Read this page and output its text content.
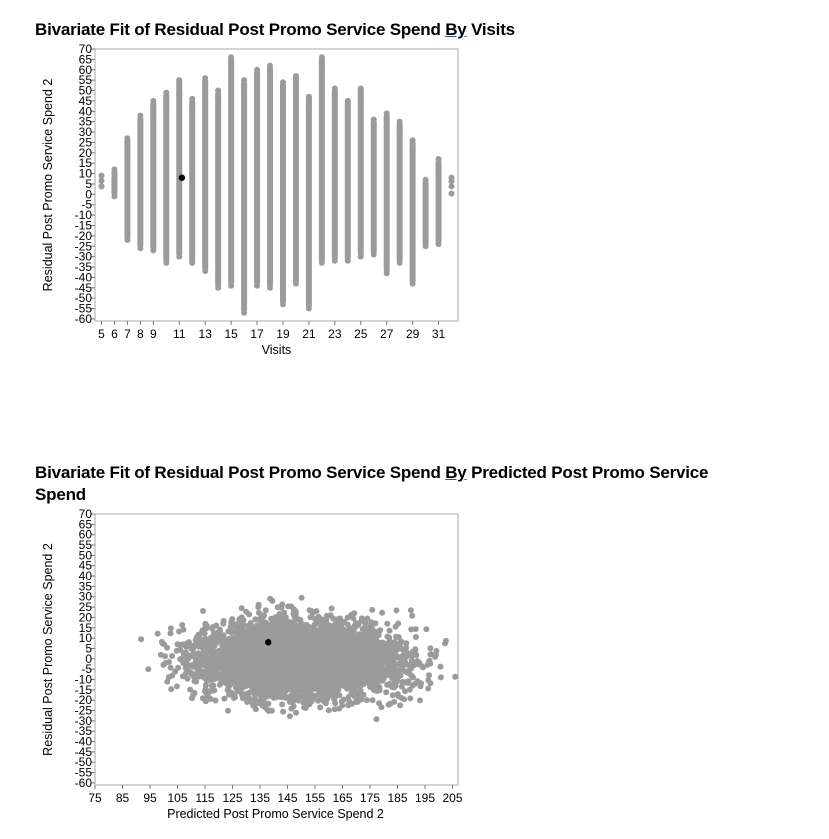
Bivariate Fit of Residual Post Promo Service Spend By Visits
70
65
60
55
50
45
40
35
30
25
20
15
10
5
0
-5
-10
-15
-20
-25
-30
-35
-40
-45
-50
-55
-60
5 6 7 8 9 11 13 15 17 19 21 23 25 27 29 31
Visits
Residual Post Promo Service Spend 2
Bivariate Fit of Residual Post Promo Service Spend By Predicted Post Promo Service Spend
70
65
60
55
50
45
40
35
30
25
20
15
10
5
0
-5
-10
-15
-20
-25
-30
-35
-40
-45
-50
-55
-60
75 85 95 105 115 125 135 145 155 165 175 185 195 205
Predicted Post Promo Service Spend 2
Residual Post Promo Service Spend 2
